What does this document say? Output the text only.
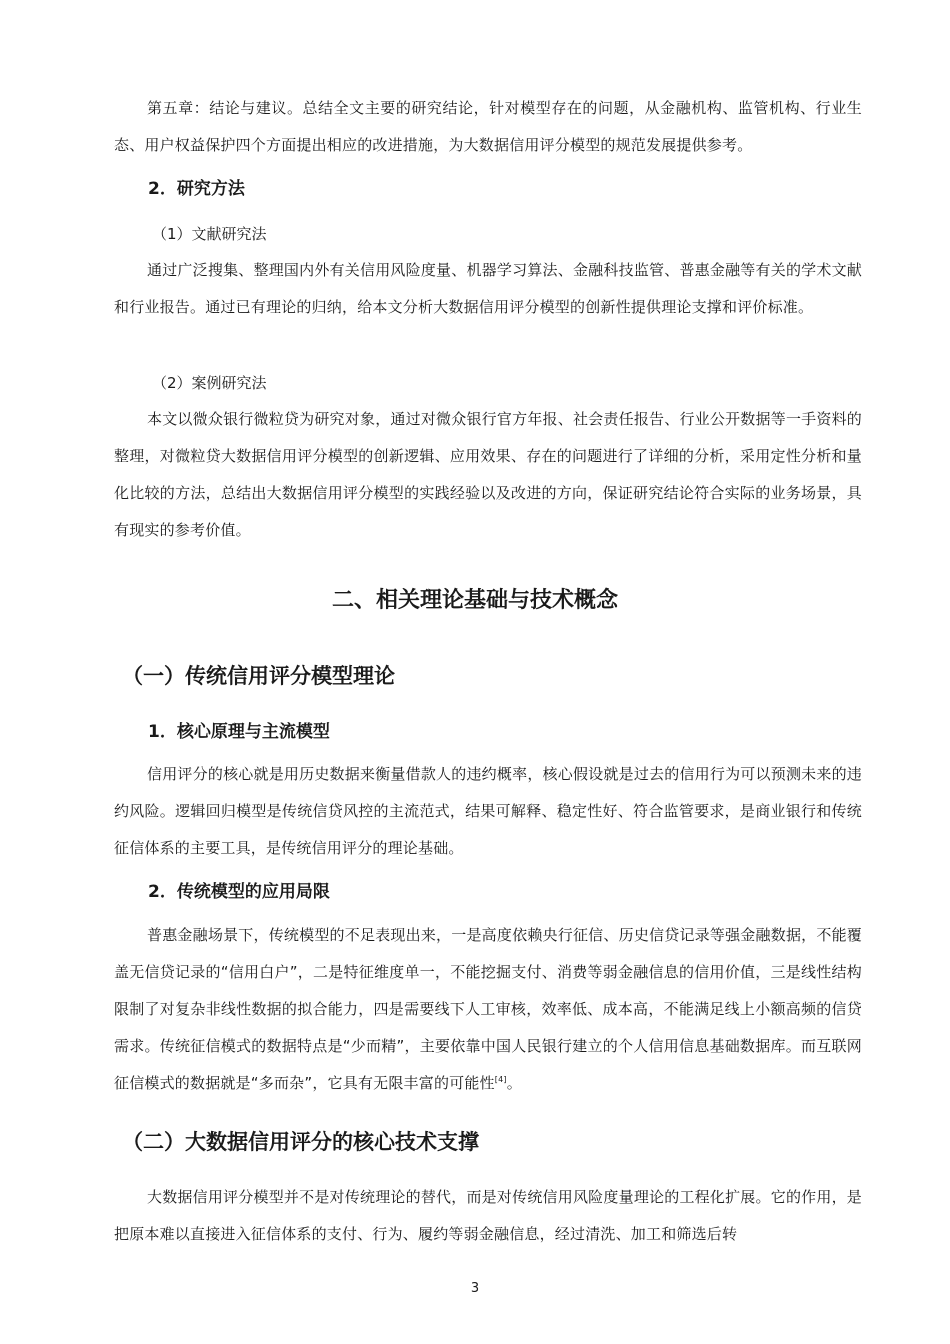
第五章：结论与建议。总结全文主要的研究结论，针对模型存在的问题，从金融机构、监管机构、行业生态、用户权益保护四个方面提出相应的改进措施，为大数据信用评分模型的规范发展提供参考。

2．研究方法

（1）文献研究法

通过广泛搜集、整理国内外有关信用风险度量、机器学习算法、金融科技监管、普惠金融等有关的学术文献和行业报告。通过已有理论的归纳，给本文分析大数据信用评分模型的创新性提供理论支撑和评价标准。

（2）案例研究法

本文以微众银行微粒贷为研究对象，通过对微众银行官方年报、社会责任报告、行业公开数据等一手资料的整理，对微粒贷大数据信用评分模型的创新逻辑、应用效果、存在的问题进行了详细的分析，采用定性分析和量化比较的方法，总结出大数据信用评分模型的实践经验以及改进的方向，保证研究结论符合实际的业务场景，具有现实的参考价值。

二、相关理论基础与技术概念

（一）传统信用评分模型理论

1．核心原理与主流模型

信用评分的核心就是用历史数据来衡量借款人的违约概率，核心假设就是过去的信用行为可以预测未来的违约风险。逻辑回归模型是传统信贷风控的主流范式，结果可解释、稳定性好、符合监管要求，是商业银行和传统征信体系的主要工具，是传统信用评分的理论基础。

2．传统模型的应用局限

普惠金融场景下，传统模型的不足表现出来，一是高度依赖央行征信、历史信贷记录等强金融数据，不能覆盖无信贷记录的“信用白户”，二是特征维度单一，不能挖掘支付、消费等弱金融信息的信用价值，三是线性结构限制了对复杂非线性数据的拟合能力，四是需要线下人工审核，效率低、成本高，不能满足线上小额高频的信贷需求。传统征信模式的数据特点是“少而精”，主要依靠中国人民银行建立的个人信用信息基础数据库。而互联网征信模式的数据就是“多而杂”，它具有无限丰富的可能性[4]。

（二）大数据信用评分的核心技术支撑

大数据信用评分模型并不是对传统理论的替代，而是对传统信用风险度量理论的工程化扩展。它的作用，是把原本难以直接进入征信体系的支付、行为、履约等弱金融信息，经过清洗、加工和筛选后转

3
